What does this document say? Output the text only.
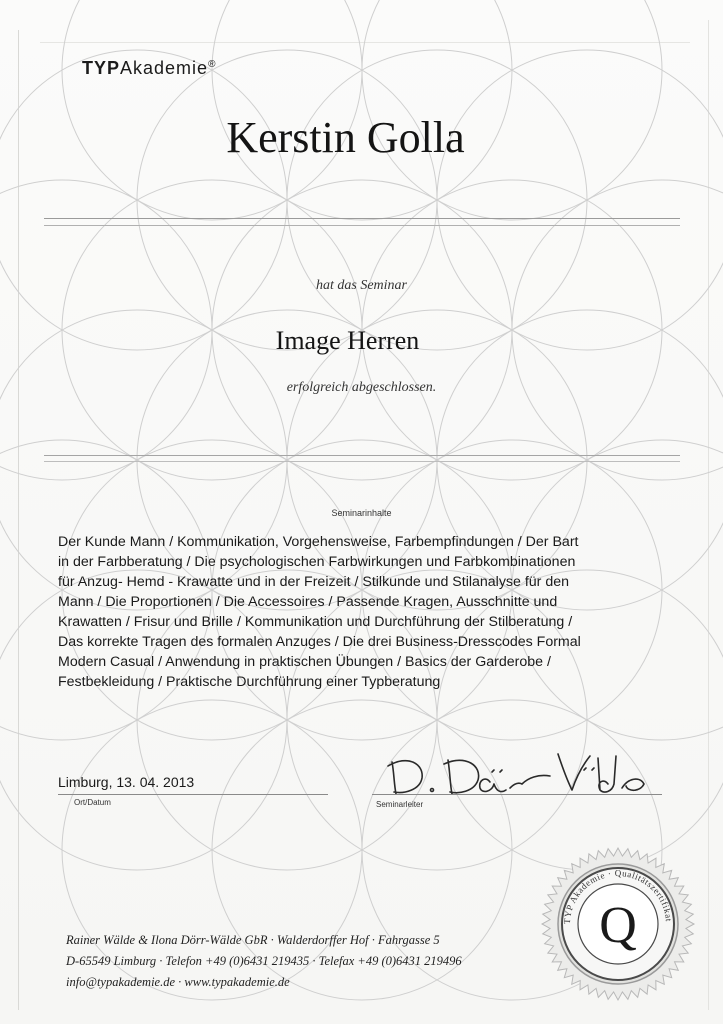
TYPAkademie®
Kerstin Golla
hat das Seminar
Image Herren
erfolgreich abgeschlossen.
Seminarinhalte
Der Kunde Mann / Kommunikation, Vorgehensweise, Farbempfindungen / Der Bart
in der Farbberatung / Die psychologischen Farbwirkungen und Farbkombinationen
für Anzug- Hemd - Krawatte und in der Freizeit / Stilkunde und Stilanalyse für den
Mann / Die Proportionen / Die Accessoires / Passende Kragen, Ausschnitte und
Krawatten / Frisur und Brille / Kommunikation und Durchführung der Stilberatung /
Das korrekte Tragen des formalen Anzuges / Die drei Business-Dresscodes Formal
Modern Casual / Anwendung in praktischen Übungen / Basics der Garderobe /
Festbekleidung / Praktische Durchführung einer Typberatung
Limburg, 13. 04. 2013
Ort/Datum	Seminarleiter
Rainer Wälde & Ilona Dörr-Wälde GbR · Walderdorffer Hof · Fahrgasse 5
D-65549 Limburg · Telefon +49 (0)6431 219435 · Telefax +49 (0)6431 219496
info@typakademie.de · www.typakademie.de
TYP Akademie · Qualitätszertifikat
Q
